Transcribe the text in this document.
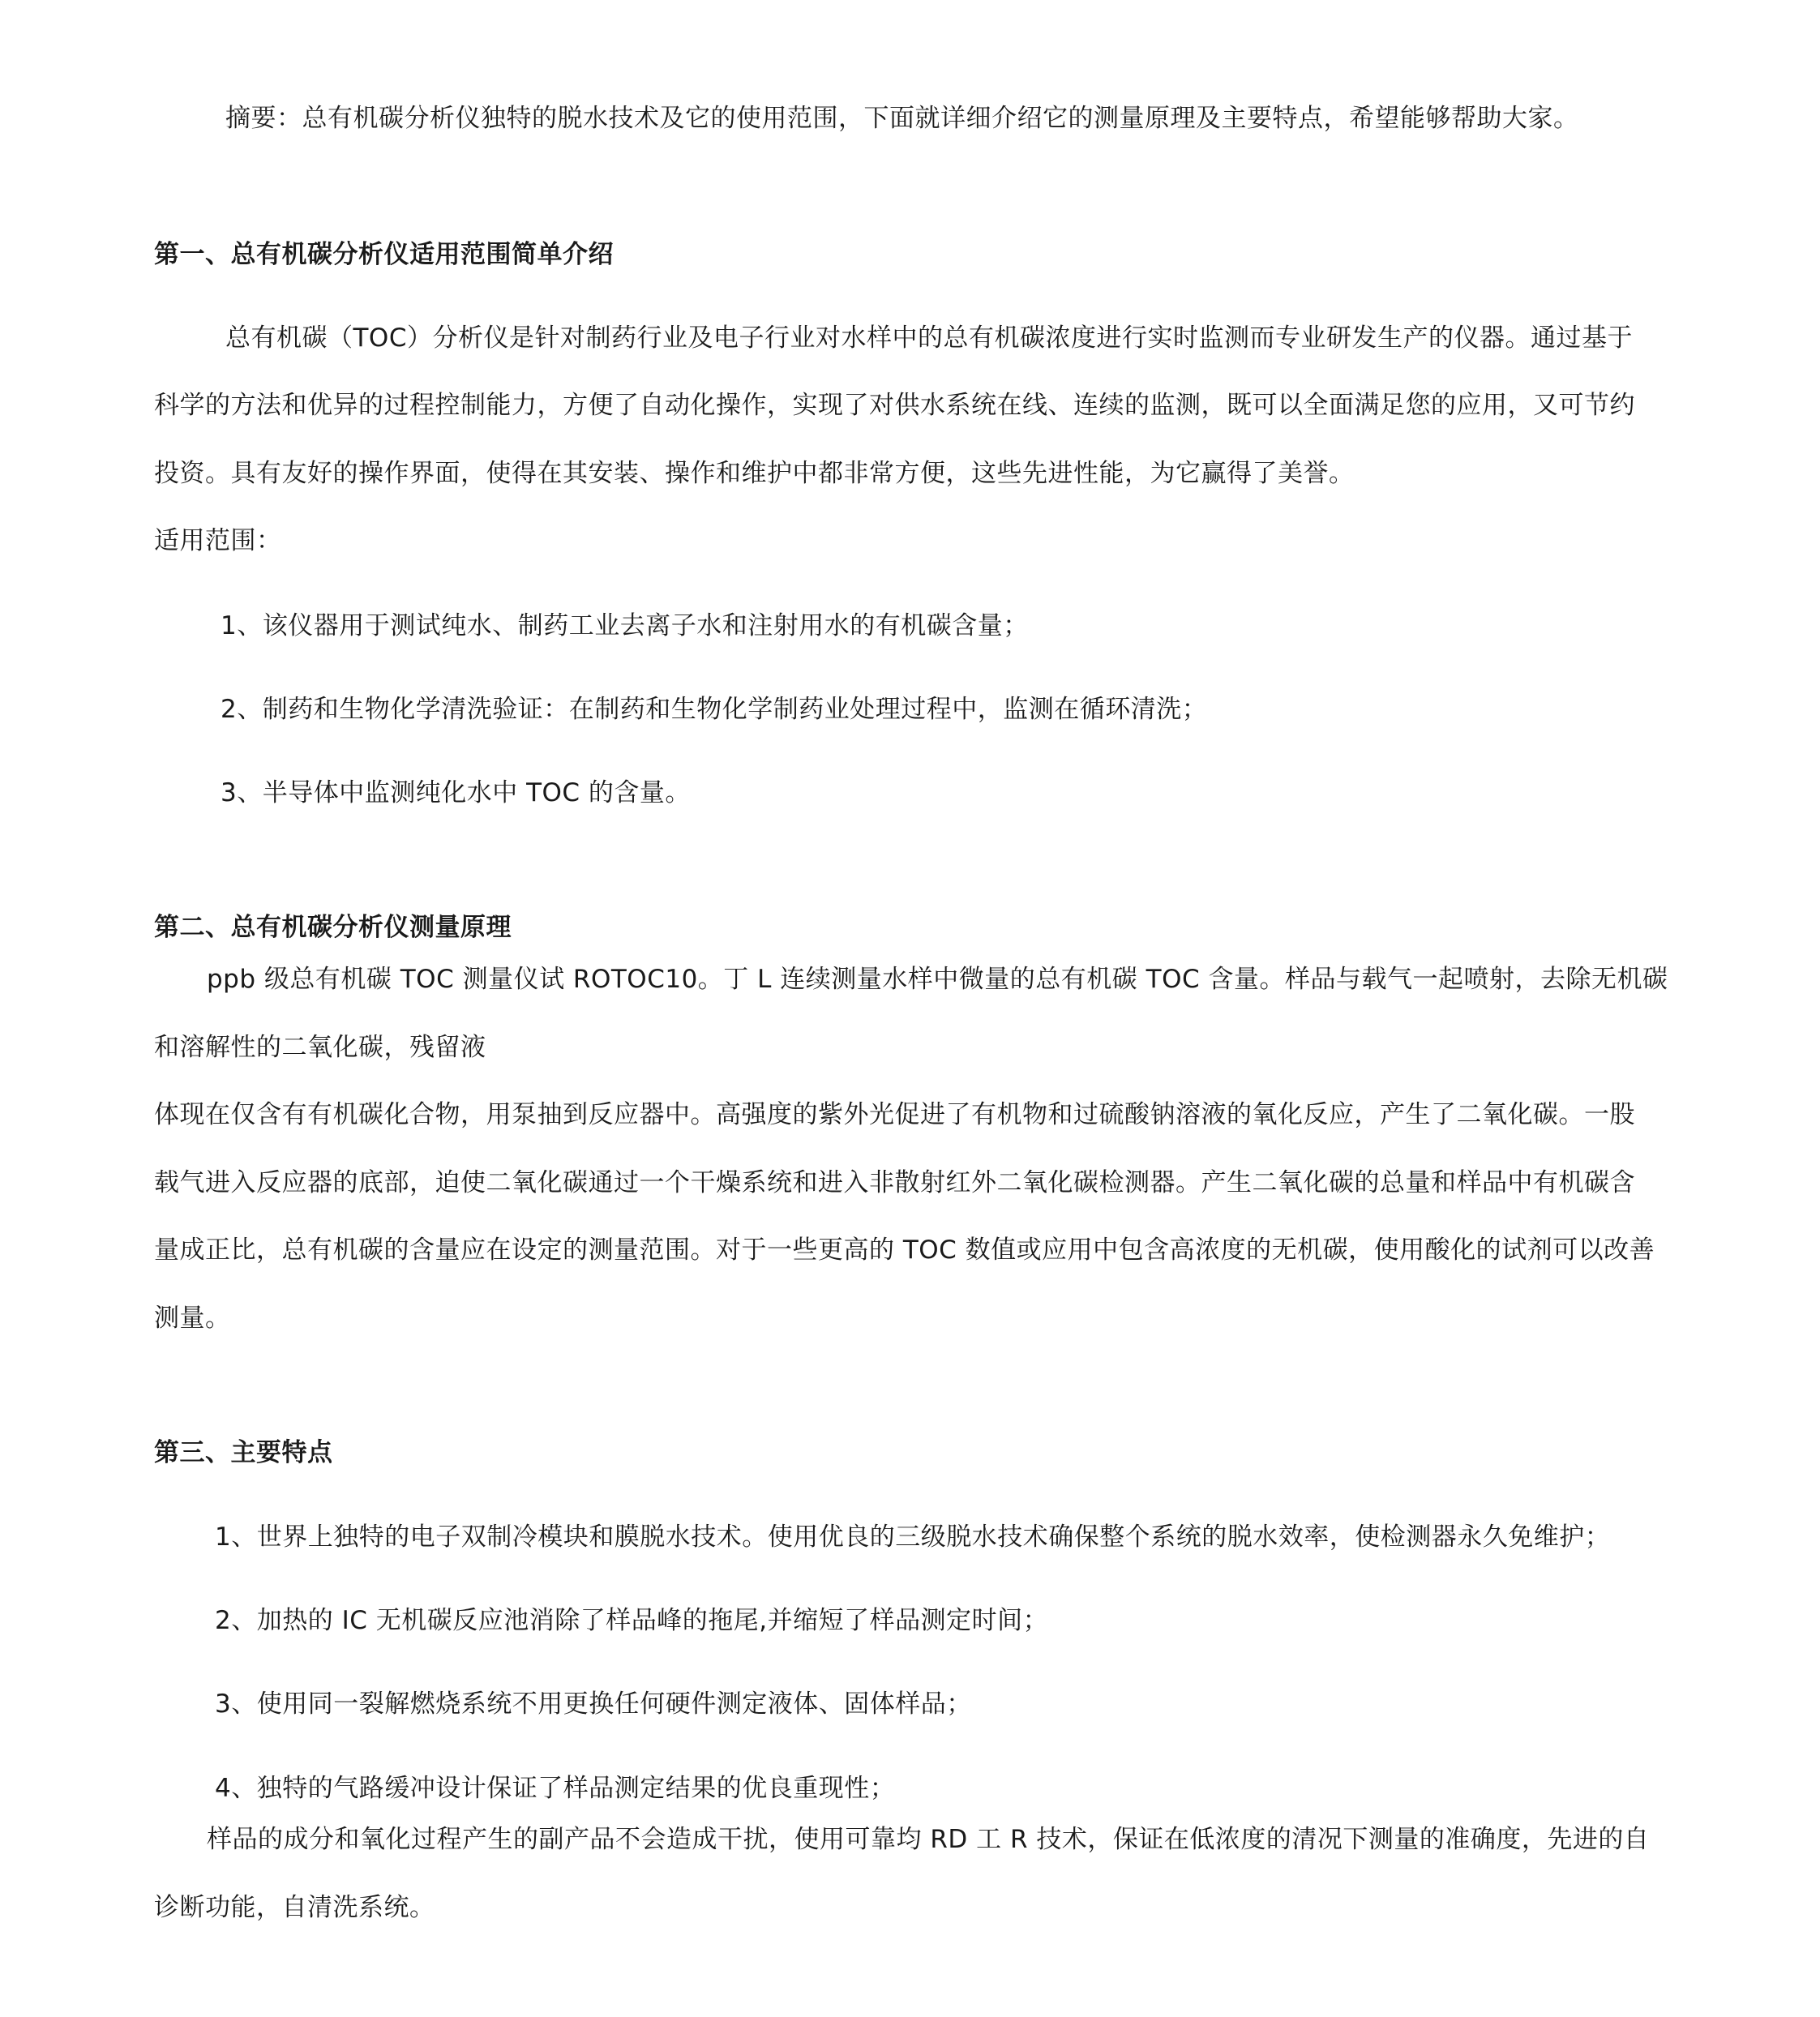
摘要：总有机碳分析仪独特的脱水技术及它的使用范围，下面就详细介绍它的测量原理及主要特点，希望能够帮助大家。
第一、总有机碳分析仪适用范围简单介绍
总有机碳（TOC）分析仪是针对制药行业及电子行业对水样中的总有机碳浓度进行实时监测而专业研发生产的仪器。通过基于
科学的方法和优异的过程控制能力，方便了自动化操作，实现了对供水系统在线、连续的监测，既可以全面满足您的应用，又可节约
投资。具有友好的操作界面，使得在其安装、操作和维护中都非常方便，这些先进性能，为它赢得了美誉。
适用范围：
1、该仪器用于测试纯水、制药工业去离子水和注射用水的有机碳含量；
2、制药和生物化学清洗验证：在制药和生物化学制药业处理过程中，监测在循环清洗；
3、半导体中监测纯化水中 TOC 的含量。
第二、总有机碳分析仪测量原理
ppb 级总有机碳 TOC 测量仪试 ROTOC10。丁 L 连续测量水样中微量的总有机碳 TOC 含量。样品与载气一起喷射，去除无机碳
和溶解性的二氧化碳，残留液
体现在仅含有有机碳化合物，用泵抽到反应器中。高强度的紫外光促进了有机物和过硫酸钠溶液的氧化反应，产生了二氧化碳。一股
载气进入反应器的底部，迫使二氧化碳通过一个干燥系统和进入非散射红外二氧化碳检测器。产生二氧化碳的总量和样品中有机碳含
量成正比，总有机碳的含量应在设定的测量范围。对于一些更高的 TOC 数值或应用中包含高浓度的无机碳，使用酸化的试剂可以改善
测量。
第三、主要特点
1、世界上独特的电子双制冷模块和膜脱水技术。使用优良的三级脱水技术确保整个系统的脱水效率，使检测器永久免维护；
2、加热的 IC 无机碳反应池消除了样品峰的拖尾,并缩短了样品测定时间；
3、使用同一裂解燃烧系统不用更换任何硬件测定液体、固体样品；
4、独特的气路缓冲设计保证了样品测定结果的优良重现性；
样品的成分和氧化过程产生的副产品不会造成干扰，使用可靠均 RD 工 R 技术，保证在低浓度的清况下测量的准确度，先进的自
诊断功能，自清洗系统。
